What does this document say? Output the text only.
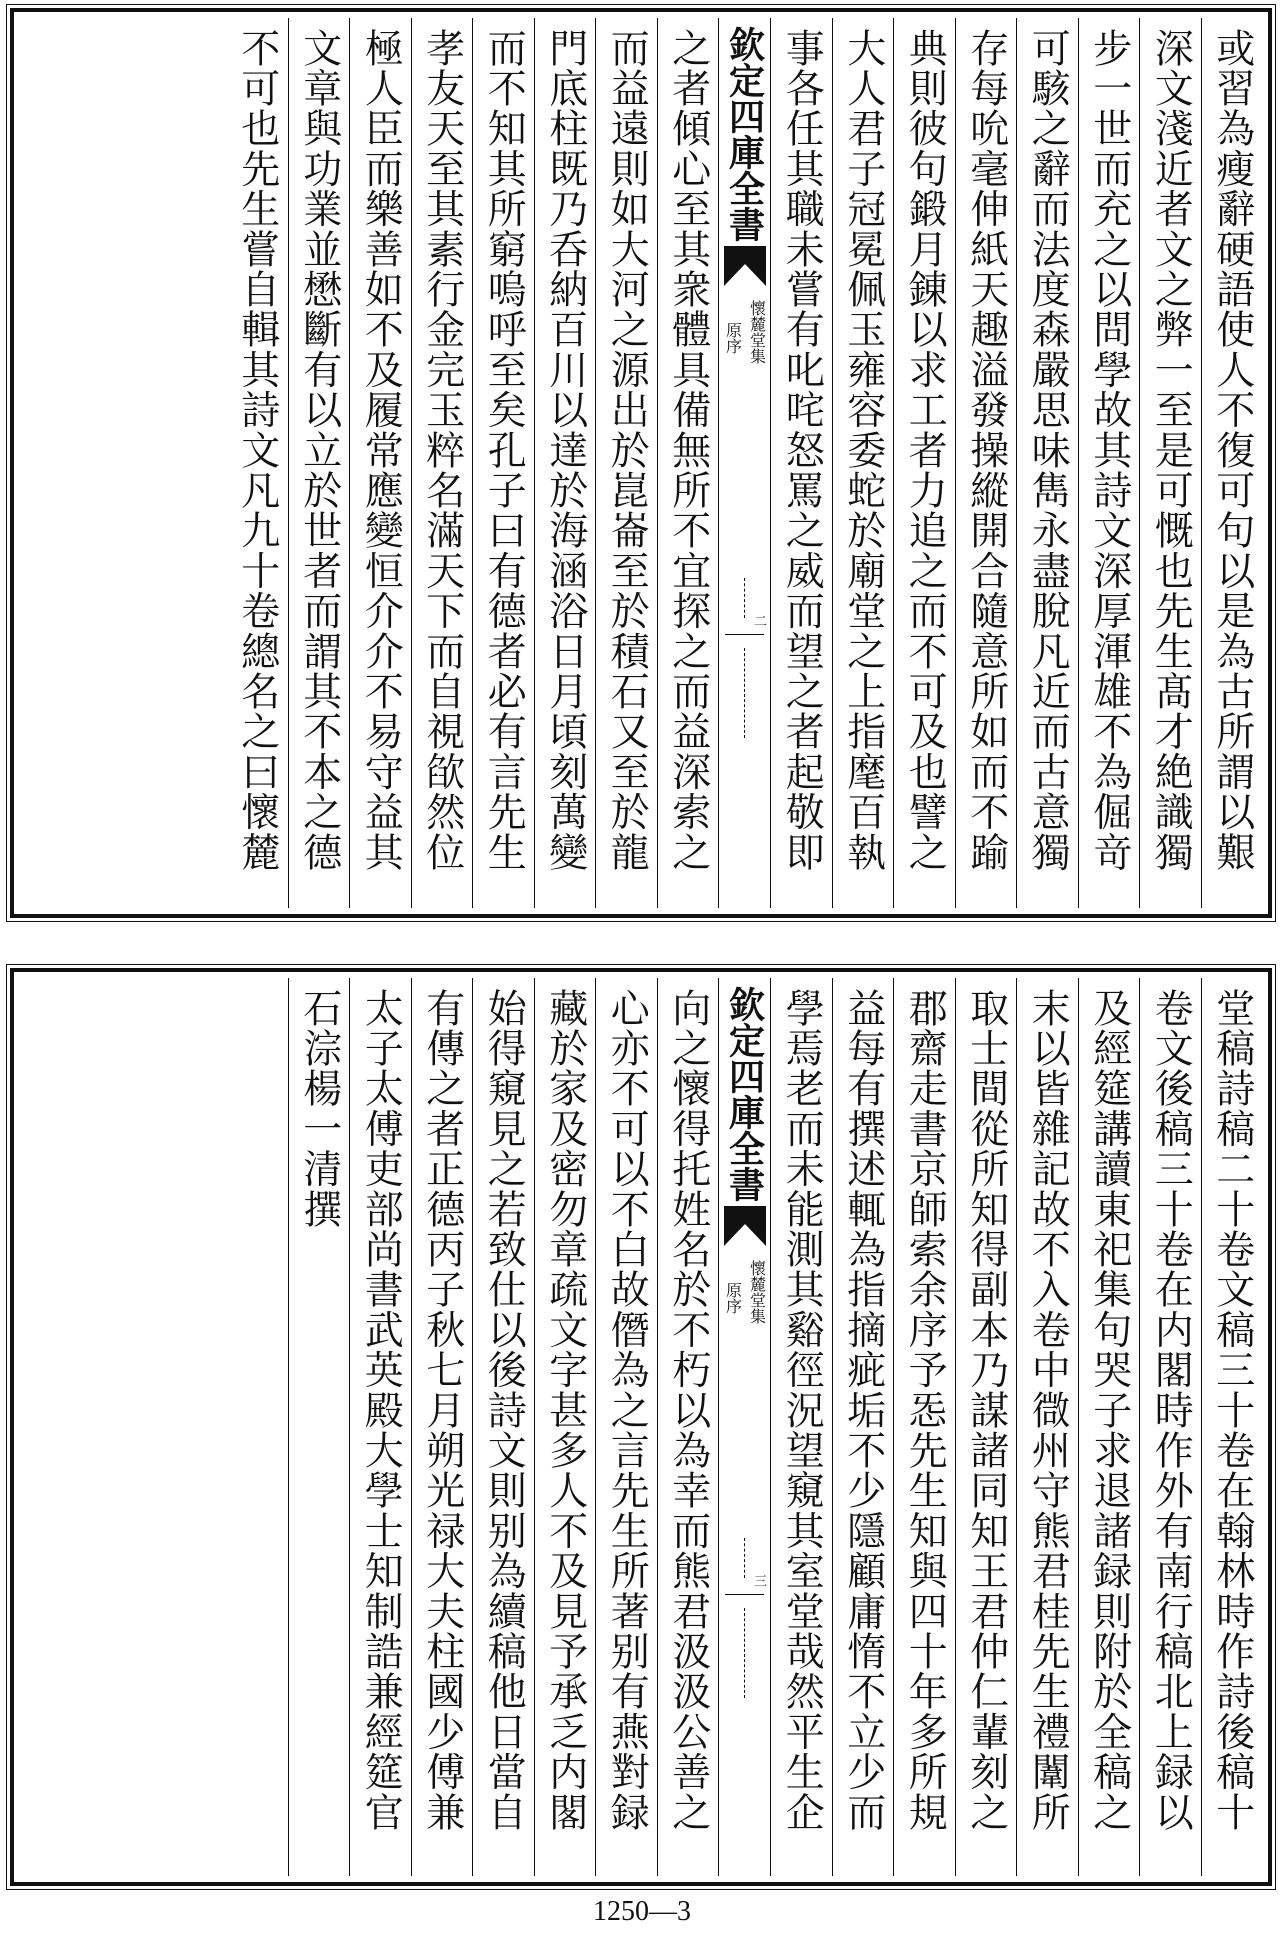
或習為瘦辭硬語使人不復可句以是為古所謂以艱
深文淺近者文之弊一至是可慨也先生髙才絶識獨
步一世而充之以問學故其詩文深厚渾雄不為倔竒
可駭之辭而法度森嚴思味雋永盡脫凡近而古意獨
存每吮毫伸紙天趣溢發操縱開合隨意所如而不踰
典則彼句鍛月錬以求工者力追之而不可及也譬之
大人君子冠冕佩玉雍容委蛇於廟堂之上指麾百執
事各任其職未嘗有叱咤怒罵之威而望之者起敬即
欽定四庫全書
懷麓堂集
原序
二
之者傾心至其衆體具備無所不宜探之而益深索之
而益遠則如大河之源出於崑崙至於積石又至於龍
門底柱既乃呑納百川以達於海涵浴日月頃刻萬變
而不知其所窮嗚呼至矣孔子曰有德者必有言先生
孝友天至其素行金完玉粹名滿天下而自視欿然位
極人臣而樂善如不及履常應變恒介介不易守益其
文章與功業並懋斷有以立於世者而謂其不本之德
不可也先生嘗自輯其詩文凡九十卷總名之曰懷麓
堂稿詩稿二十卷文稿三十卷在翰林時作詩後稿十
卷文後稿三十卷在内閣時作外有南行稿北上録以
及經筵講讀東祀集句哭子求退諸録則附於全稿之
末以皆雜記故不入卷中㣲州守熊君桂先生禮闈所
取士間從所知得副本乃謀諸同知王君仲仁輩刻之
郡齋走書京師索余序予㤅先生知與四十年多所規
益每有撰述輒為指摘疵垢不少隱顧庸惰不立少而
學焉老而未能測其谿徑況望窺其室堂哉然平生企
欽定四庫全書
懷麓堂集
原序
三
向之懷得托姓名於不朽以為幸而熊君汲汲公善之
心亦不可以不白故僭為之言先生所著别有燕對録
藏於家及密勿章疏文字甚多人不及見予承乏内閣
始得窺見之若致仕以後詩文則别為續稿他日當自
有傳之者正德丙子秋七月朔光禄大夫柱國少傅兼
太子太傅吏部尚書武英殿大學士知制誥兼經筵官
石淙楊一清撰
1250—3
